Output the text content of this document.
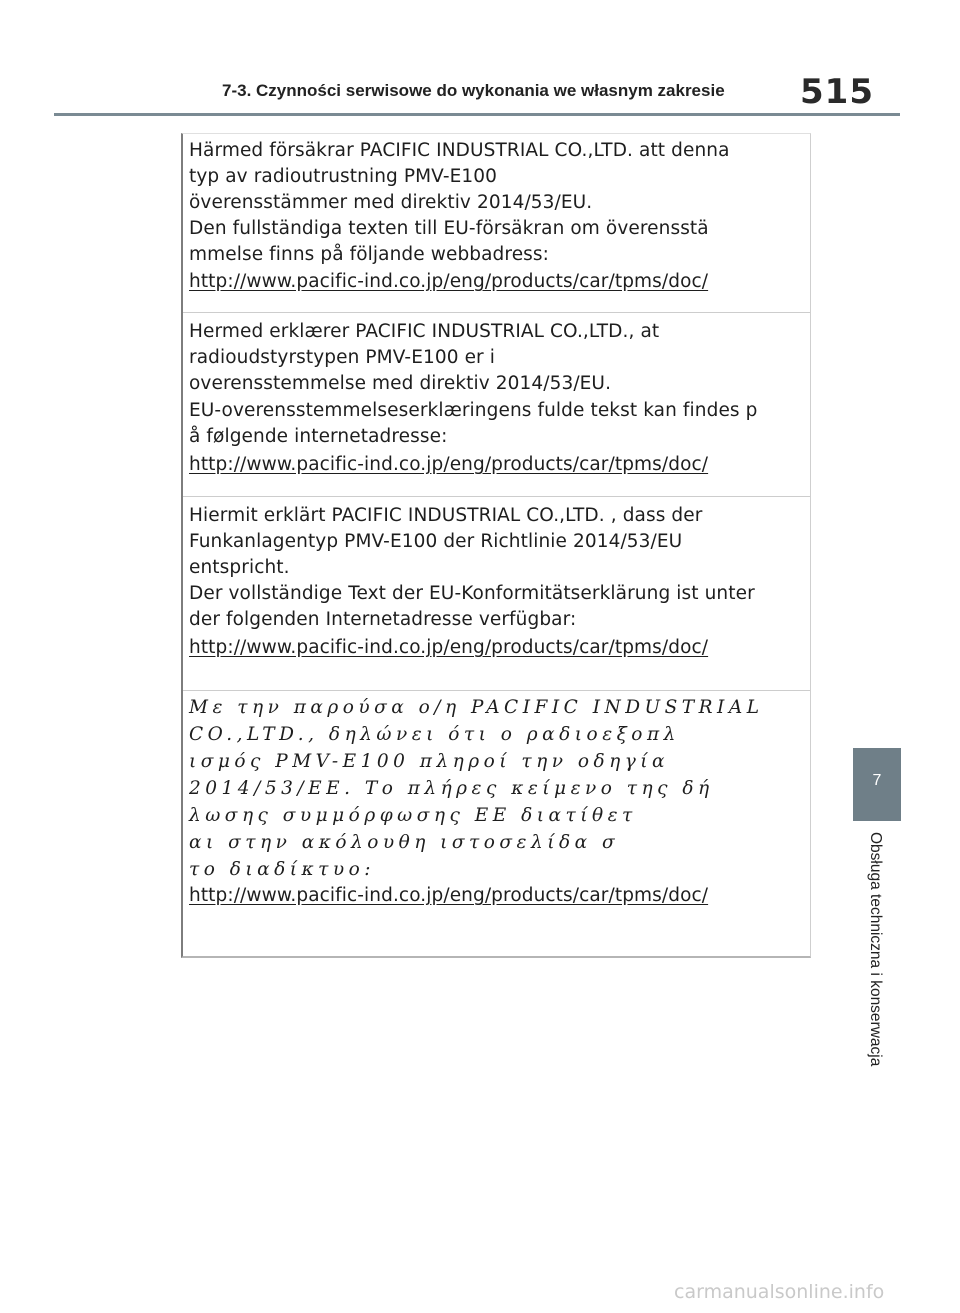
7-3. Czynności serwisowe do wykonania we własnym zakresie 515
Härmed försäkrar PACIFIC INDUSTRIAL CO.,LTD. att denna
typ av radioutrustning PMV-E100
överensstämmer med direktiv 2014/53/EU.
Den fullständiga texten till EU-försäkran om överensstä
mmelse finns på följande webbadress:
http://www.pacific-ind.co.jp/eng/products/car/tpms/doc/
Hermed erklærer PACIFIC INDUSTRIAL CO.,LTD., at
radioudstyrstypen PMV-E100 er i
overensstemmelse med direktiv 2014/53/EU.
EU-overensstemmelseserklæringens fulde tekst kan findes p
å følgende internetadresse:
http://www.pacific-ind.co.jp/eng/products/car/tpms/doc/
Hiermit erklärt PACIFIC INDUSTRIAL CO.,LTD. , dass der
Funkanlagentyp PMV-E100 der Richtlinie 2014/53/EU
entspricht.
Der vollständige Text der EU-Konformitätserklärung ist unter
der folgenden Internetadresse verfügbar:
http://www.pacific-ind.co.jp/eng/products/car/tpms/doc/
Με την παρούσα ο/η PACIFIC INDUSTRIAL
CO.,LTD., δηλώνει ότι ο ραδιοεξοπλ
ισμός PMV-E100 πληροί την οδηγία
2014/53/ΕΕ. Το πλήρες κείμενο της δή
λωσης συμμόρφωσης ΕΕ διατίθετ
αι στην ακόλουθη ιστοσελίδα σ
το διαδίκτυο:
http://www.pacific-ind.co.jp/eng/products/car/tpms/doc/
7
Obsługa techniczna i konserwacja
carmanualsonline.info
